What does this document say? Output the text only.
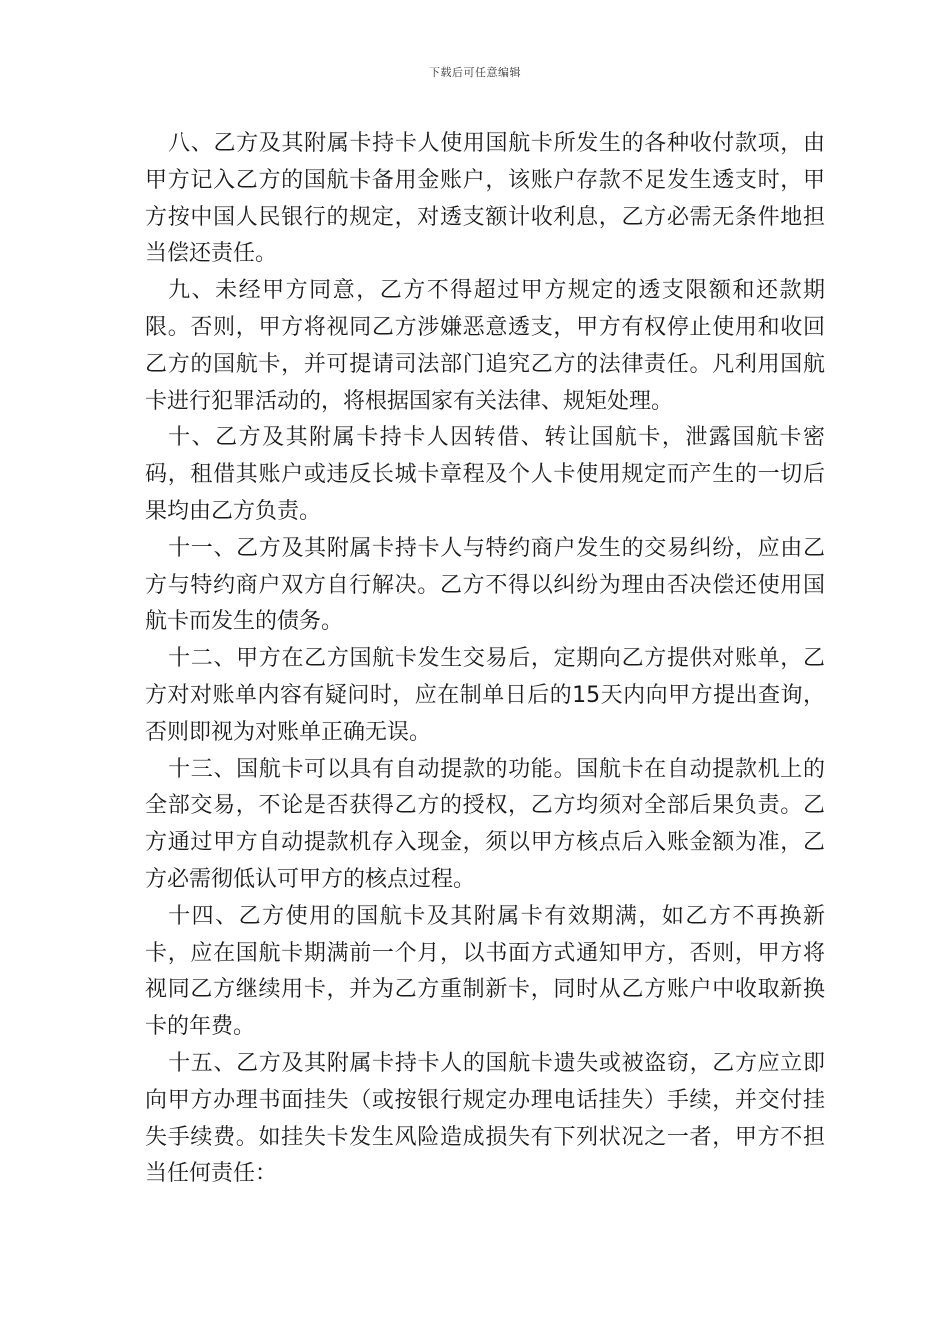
下载后可任意编辑

八、乙方及其附属卡持卡人使用国航卡所发生的各种收付款项，由甲方记入乙方的国航卡备用金账户，该账户存款不足发生透支时，甲方按中国人民银行的规定，对透支额计收利息，乙方必需无条件地担当偿还责任。

九、未经甲方同意，乙方不得超过甲方规定的透支限额和还款期限。否则，甲方将视同乙方涉嫌恶意透支，甲方有权停止使用和收回乙方的国航卡，并可提请司法部门追究乙方的法律责任。凡利用国航卡进行犯罪活动的，将根据国家有关法律、规矩处理。

十、乙方及其附属卡持卡人因转借、转让国航卡，泄露国航卡密码，租借其账户或违反长城卡章程及个人卡使用规定而产生的一切后果均由乙方负责。

十一、乙方及其附属卡持卡人与特约商户发生的交易纠纷，应由乙方与特约商户双方自行解决。乙方不得以纠纷为理由否决偿还使用国航卡而发生的债务。

十二、甲方在乙方国航卡发生交易后，定期向乙方提供对账单，乙方对对账单内容有疑问时，应在制单日后的15天内向甲方提出查询，否则即视为对账单正确无误。

十三、国航卡可以具有自动提款的功能。国航卡在自动提款机上的全部交易，不论是否获得乙方的授权，乙方均须对全部后果负责。乙方通过甲方自动提款机存入现金，须以甲方核点后入账金额为准，乙方必需彻低认可甲方的核点过程。

十四、乙方使用的国航卡及其附属卡有效期满，如乙方不再换新卡，应在国航卡期满前一个月，以书面方式通知甲方，否则，甲方将视同乙方继续用卡，并为乙方重制新卡，同时从乙方账户中收取新换卡的年费。

十五、乙方及其附属卡持卡人的国航卡遗失或被盗窃，乙方应立即向甲方办理书面挂失（或按银行规定办理电话挂失）手续，并交付挂失手续费。如挂失卡发生风险造成损失有下列状况之一者，甲方不担当任何责任：
